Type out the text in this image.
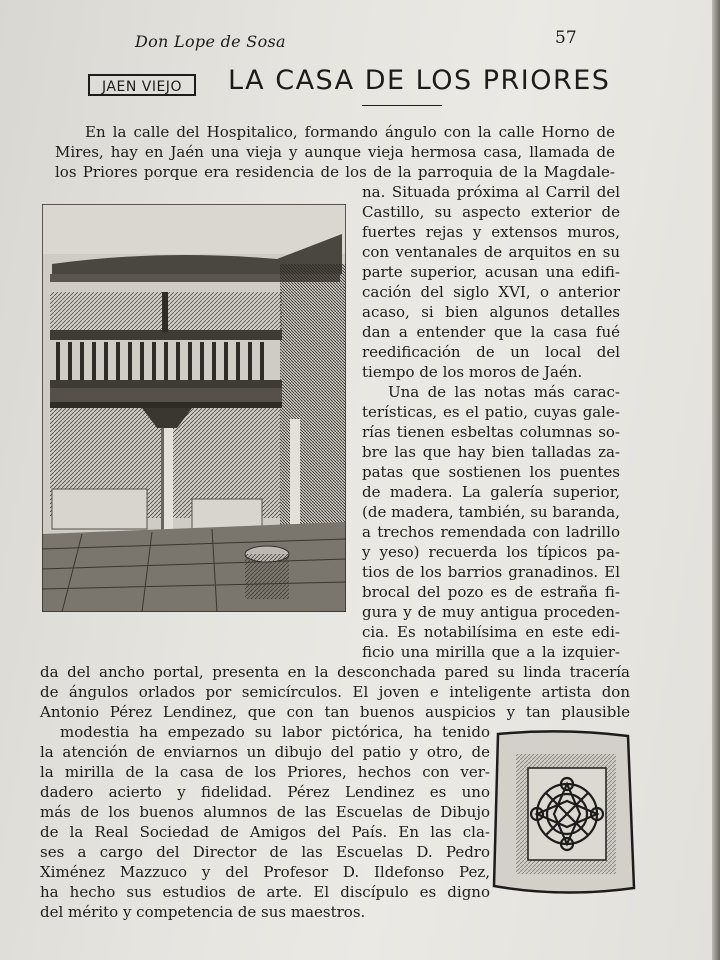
Don Lope de Sosa	57
JAEN VIEJO	LA CASA DE LOS PRIORES
En la calle del Hospitalico, formando ángulo con la calle Horno de
Mires, hay en Jaén una vieja y aunque vieja hermosa casa, llamada de
los Priores porque era residencia de los de la parroquia de la Magdale-
na. Situada próxima al Carril del
Castillo, su aspecto exterior de
fuertes rejas y extensos muros,
con ventanales de arquitos en su
parte superior, acusan una edifi-
cación del siglo XVI, o anterior
acaso, si bien algunos detalles
dan a entender que la casa fué
reedificación de un local del
tiempo de los moros de Jaén.
Una de las notas más carac-
terísticas, es el patio, cuyas gale-
rías tienen esbeltas columnas so-
bre las que hay bien talladas za-
patas que sostienen los puentes
de madera. La galería superior,
(de madera, también, su baranda,
a trechos remendada con ladrillo
y yeso) recuerda los típicos pa-
tios de los barrios granadinos. El
brocal del pozo es de estraña fi-
gura y de muy antigua proceden-
cia. Es notabilísima en este edi-
ficio una mirilla que a la izquier-
da del ancho portal, presenta en la desconchada pared su linda tracería
de ángulos orlados por semicírculos. El joven e inteligente artista don
Antonio Pérez Lendinez, que con tan buenos auspicios y tan plausible
modestia ha empezado su labor pictórica, ha tenido
la atención de enviarnos un dibujo del patio y otro, de
la mirilla de la casa de los Priores, hechos con ver-
dadero acierto y fidelidad. Pérez Lendinez es uno
más de los buenos alumnos de las Escuelas de Dibujo
de la Real Sociedad de Amigos del País. En las cla-
ses a cargo del Director de las Escuelas D. Pedro
Ximénez Mazzuco y del Profesor D. Ildefonso Pez,
ha hecho sus estudios de arte. El discípulo es digno
del mérito y competencia de sus maestros.
